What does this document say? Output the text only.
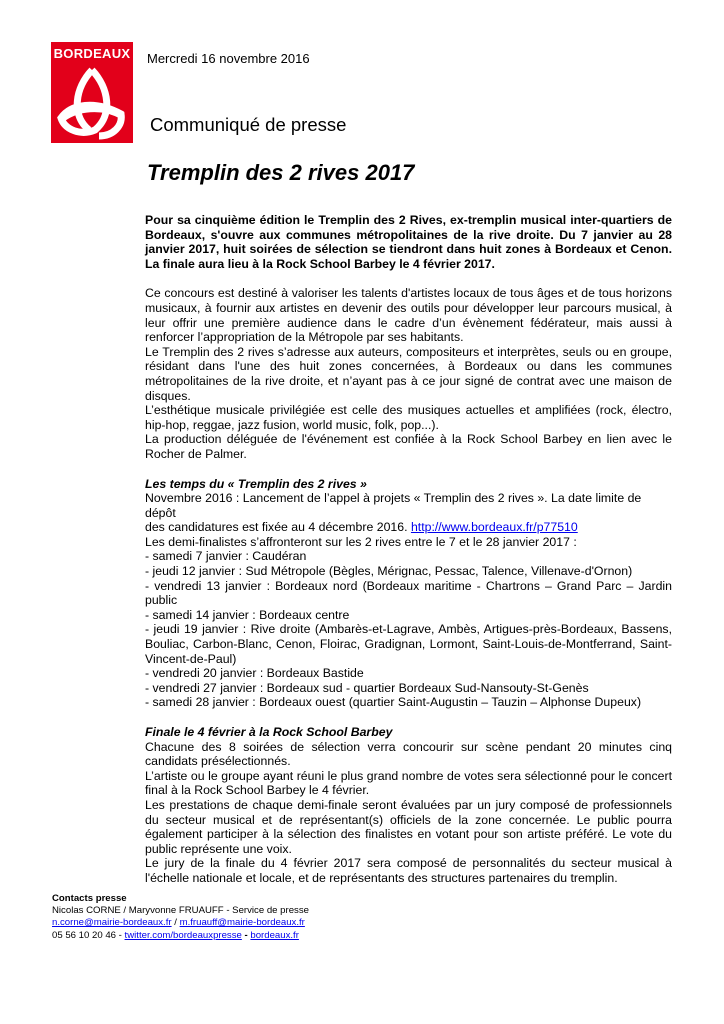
BORDEAUX Mercredi 16 novembre 2016
Communiqué de presse
Tremplin des 2 rives 2017

Pour sa cinquième édition le Tremplin des 2 Rives, ex-tremplin musical inter-quartiers de Bordeaux, s'ouvre aux communes métropolitaines de la rive droite. Du 7 janvier au 28 janvier 2017, huit soirées de sélection se tiendront dans huit zones à Bordeaux et Cenon. La finale aura lieu à la Rock School Barbey le 4 février 2017.

Ce concours est destiné à valoriser les talents d'artistes locaux de tous âges et de tous horizons musicaux, à fournir aux artistes en devenir des outils pour développer leur parcours musical, à leur offrir une première audience dans le cadre d’un évènement fédérateur, mais aussi à renforcer l’appropriation de la Métropole par ses habitants.

Le Tremplin des 2 rives s’adresse aux auteurs, compositeurs et interprètes, seuls ou en groupe, résidant dans l'une des huit zones concernées, à Bordeaux ou dans les communes métropolitaines de la rive droite, et n’ayant pas à ce jour signé de contrat avec une maison de disques.

L’esthétique musicale privilégiée est celle des musiques actuelles et amplifiées (rock, électro, hip-hop, reggae, jazz fusion, world music, folk, pop...).

La production déléguée de l'événement est confiée à la Rock School Barbey en lien avec le Rocher de Palmer.

Les temps du « Tremplin des 2 rives »

Novembre 2016 : Lancement de l’appel à projets « Tremplin des 2 rives ». La date limite de dépôt

des candidatures est fixée au 4 décembre 2016. http://www.bordeaux.fr/p77510

Les demi-finalistes s’affronteront sur les 2 rives entre le 7 et le 28 janvier 2017 :

- samedi 7 janvier : Caudéran

- jeudi 12 janvier : Sud Métropole (Bègles, Mérignac, Pessac, Talence, Villenave-d'Ornon)

- vendredi 13 janvier : Bordeaux nord (Bordeaux maritime - Chartrons – Grand Parc – Jardin public

- samedi 14 janvier : Bordeaux centre

- jeudi 19 janvier : Rive droite (Ambarès-et-Lagrave, Ambès, Artigues-près-Bordeaux, Bassens, Bouliac, Carbon-Blanc, Cenon, Floirac, Gradignan, Lormont, Saint-Louis-de-Montferrand, Saint-Vincent-de-Paul)

- vendredi 20 janvier : Bordeaux Bastide

- vendredi 27 janvier : Bordeaux sud - quartier Bordeaux Sud-Nansouty-St-Genès

- samedi 28 janvier : Bordeaux ouest (quartier Saint-Augustin – Tauzin – Alphonse Dupeux)

Finale le 4 février à la Rock School Barbey

Chacune des 8 soirées de sélection verra concourir sur scène pendant 20 minutes cinq candidats présélectionnés.

L’artiste ou le groupe ayant réuni le plus grand nombre de votes sera sélectionné pour le concert final à la Rock School Barbey le 4 février.

Les prestations de chaque demi-finale seront évaluées par un jury composé de professionnels du secteur musical et de représentant(s) officiels de la zone concernée. Le public pourra également participer à la sélection des finalistes en votant pour son artiste préféré. Le vote du public représente une voix.

Le jury de la finale du 4 février 2017 sera composé de personnalités du secteur musical à l'échelle nationale et locale, et de représentants des structures partenaires du tremplin.

Contacts presse

Nicolas CORNE / Maryvonne FRUAUFF - Service de presse

n.corne@mairie-bordeaux.fr / m.fruauff@mairie-bordeaux.fr

05 56 10 20 46 - twitter.com/bordeauxpresse - bordeaux.fr
